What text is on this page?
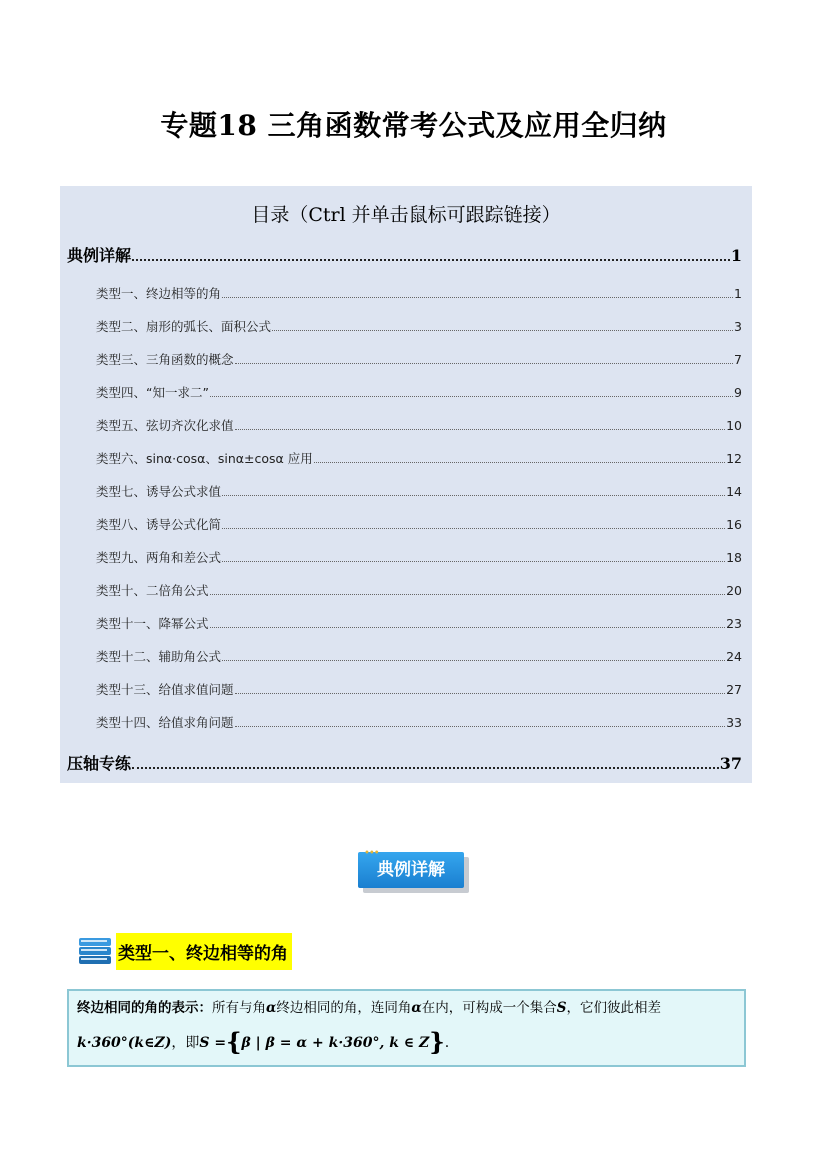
专题18 三角函数常考公式及应用全归纳
目录（Ctrl 并单击鼠标可跟踪链接）
典例详解	1
类型一、终边相等的角	1
类型二、扇形的弧长、面积公式	3
类型三、三角函数的概念	7
类型四、“知一求二”	9
类型五、弦切齐次化求值	10
类型六、sinα·cosα、sinα±cosα 应用	12
类型七、诱导公式求值	14
类型八、诱导公式化简	16
类型九、两角和差公式	18
类型十、二倍角公式	20
类型十一、降幂公式	23
类型十二、辅助角公式	24
类型十三、给值求值问题	27
类型十四、给值求角问题	33
压轴专练	37
典例详解
•••
类型一、终边相等的角
终边相同的角的表示：所有与角α终边相同的角，连同角α在内，可构成一个集合S，它们彼此相差
k·360°(k∈Z)，即S ={β | β = α + k·360°, k ∈ Z}.
